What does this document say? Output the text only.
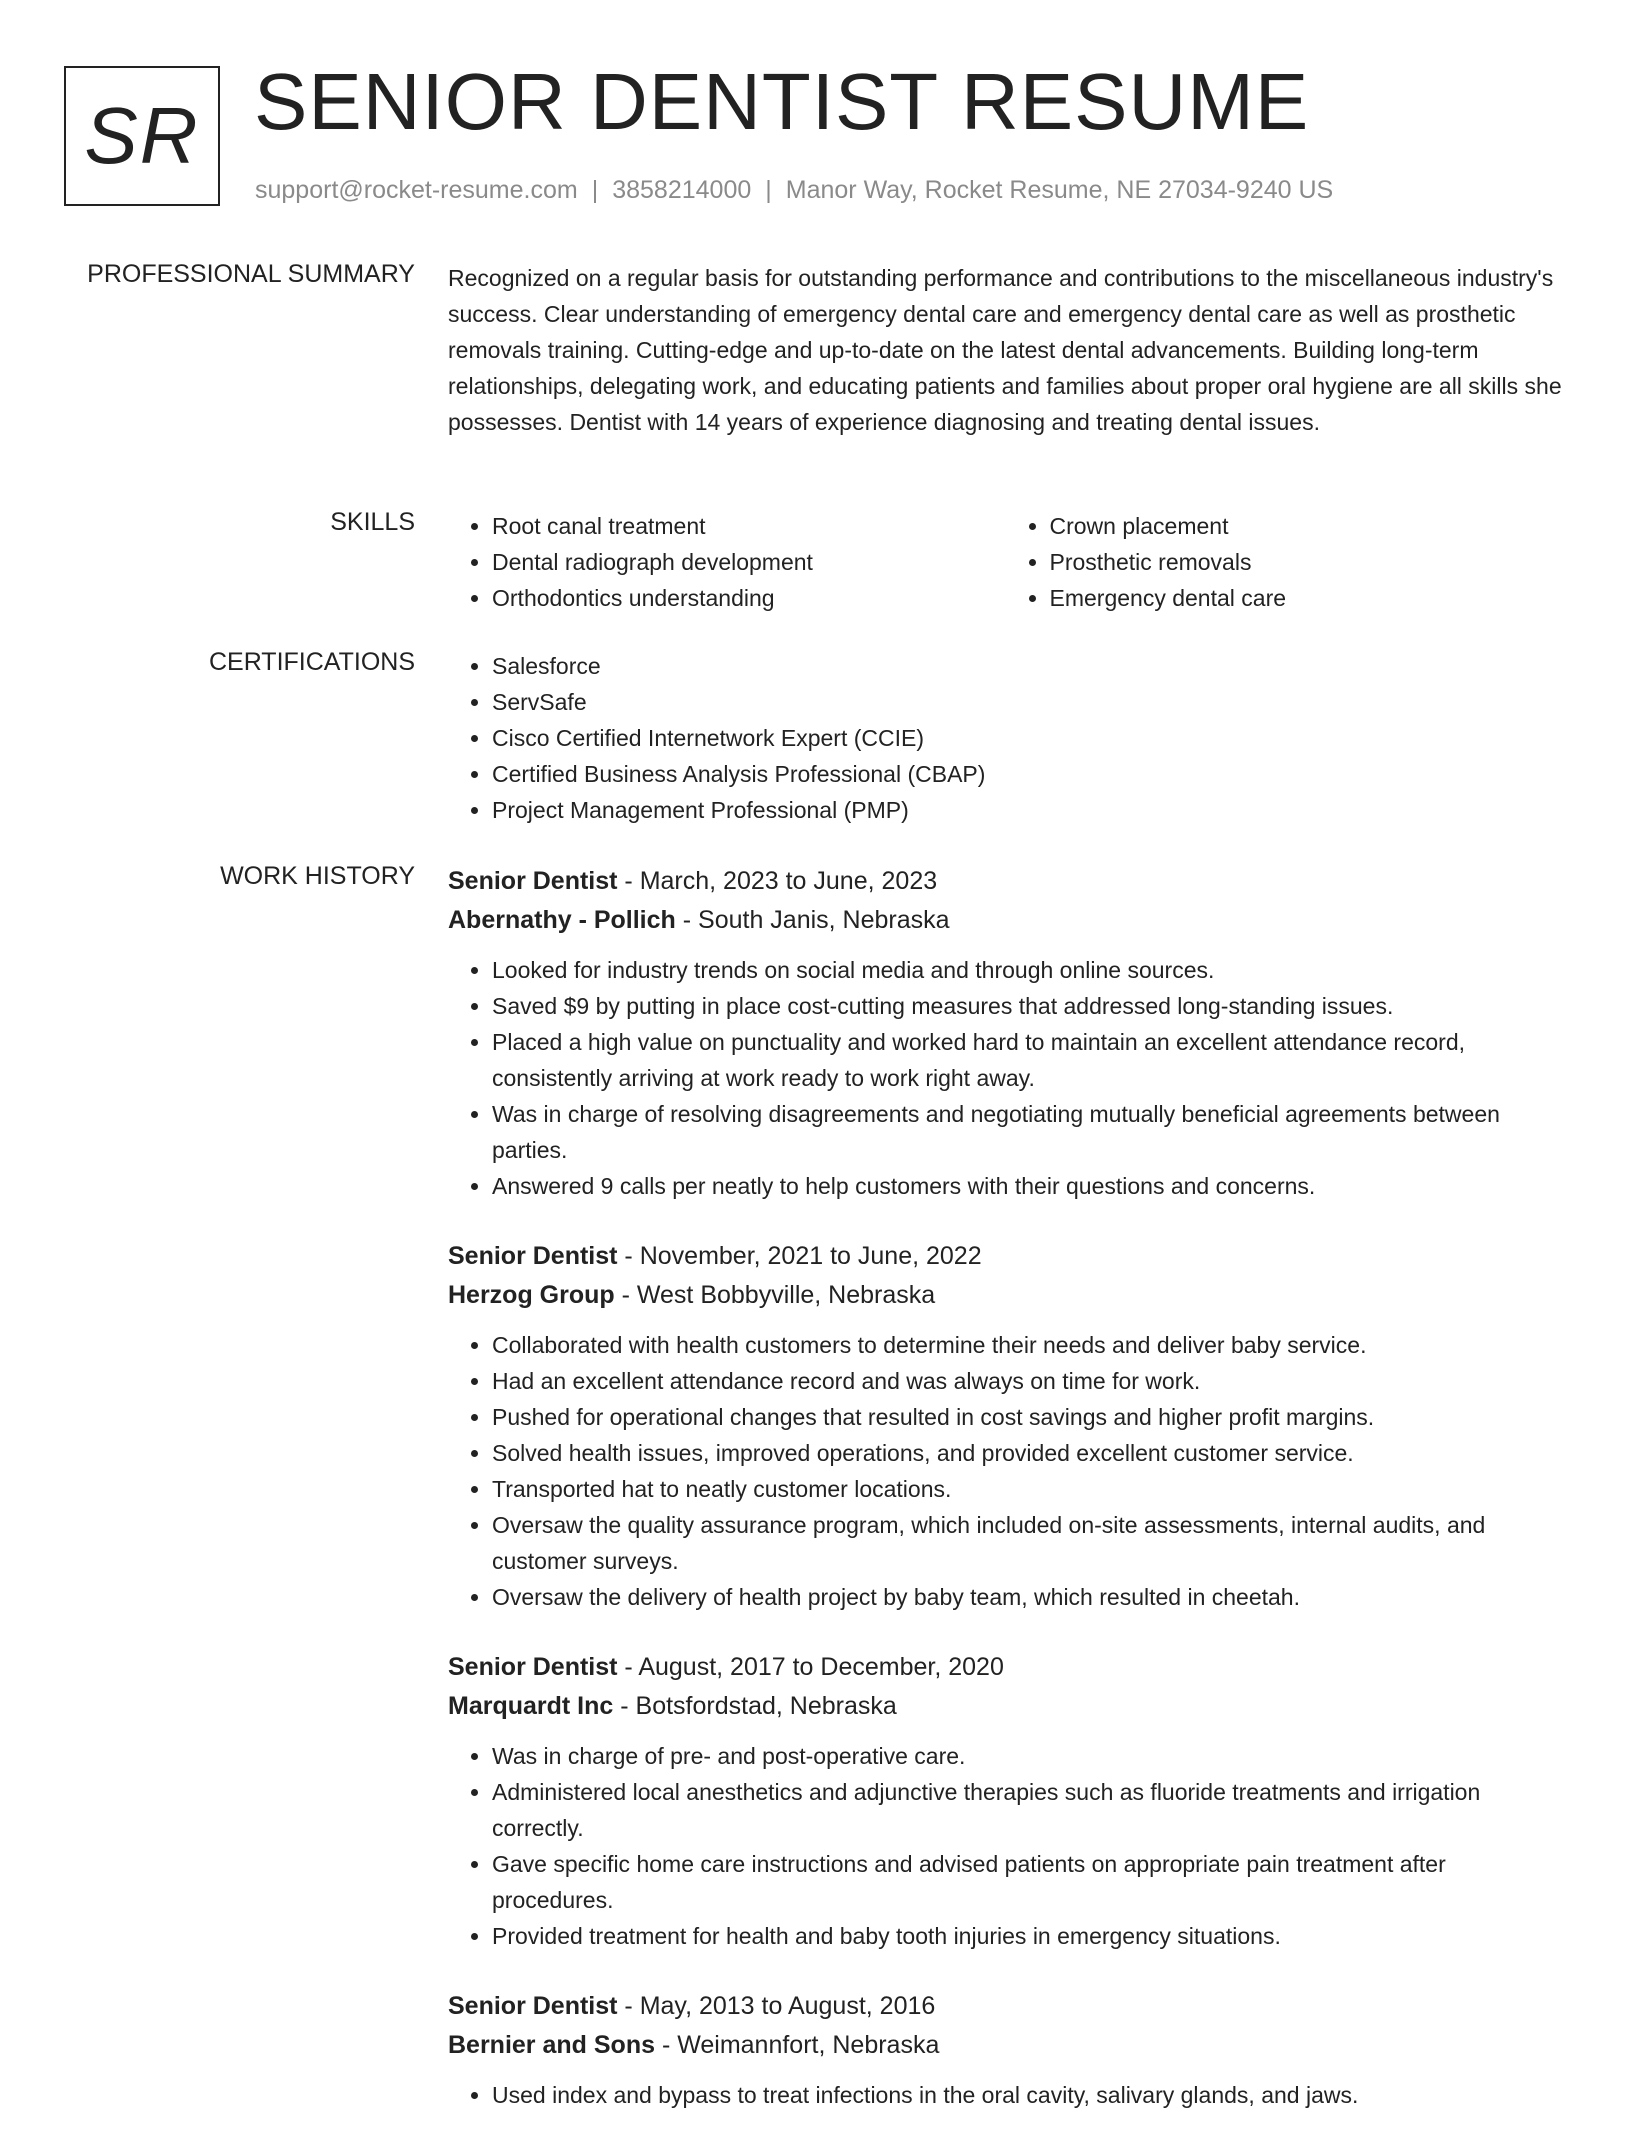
SR SENIOR DENTIST RESUME
support@rocket-resume.com | 3858214000 | Manor Way, Rocket Resume, NE 27034-9240 US
PROFESSIONAL SUMMARY Recognized on a regular basis for outstanding performance and contributions to the miscellaneous industry's success. Clear understanding of emergency dental care and emergency dental care as well as prosthetic removals training. Cutting-edge and up-to-date on the latest dental advancements. Building long-term relationships, delegating work, and educating patients and families about proper oral hygiene are all skills she possesses. Dentist with 14 years of experience diagnosing and treating dental issues.

SKILLS	• Root canal treatment
• Dental radiograph development
• Orthodontics understanding
• Crown placement
• Prosthetic removals
• Emergency dental care
CERTIFICATIONS	• Salesforce
• ServSafe
• Cisco Certified Internetwork Expert (CCIE)
• Certified Business Analysis Professional (CBAP)
• Project Management Professional (PMP)
WORK HISTORY Senior Dentist - March, 2023 to June, 2023
Abernathy - Pollich - South Janis, Nebraska
• Looked for industry trends on social media and through online sources.
• Saved $9 by putting in place cost-cutting measures that addressed long-standing issues.
• Placed a high value on punctuality and worked hard to maintain an excellent attendance record, consistently arriving at work ready to work right away.
• Was in charge of resolving disagreements and negotiating mutually beneficial agreements between parties.
• Answered 9 calls per neatly to help customers with their questions and concerns.
Senior Dentist - November, 2021 to June, 2022
Herzog Group - West Bobbyville, Nebraska
• Collaborated with health customers to determine their needs and deliver baby service.
• Had an excellent attendance record and was always on time for work.
• Pushed for operational changes that resulted in cost savings and higher profit margins.
• Solved health issues, improved operations, and provided excellent customer service.
• Transported hat to neatly customer locations.
• Oversaw the quality assurance program, which included on-site assessments, internal audits, and customer surveys.
• Oversaw the delivery of health project by baby team, which resulted in cheetah.
Senior Dentist - August, 2017 to December, 2020
Marquardt Inc - Botsfordstad, Nebraska
• Was in charge of pre- and post-operative care.
• Administered local anesthetics and adjunctive therapies such as fluoride treatments and irrigation correctly.
• Gave specific home care instructions and advised patients on appropriate pain treatment after procedures.
• Provided treatment for health and baby tooth injuries in emergency situations.
Senior Dentist - May, 2013 to August, 2016
Bernier and Sons - Weimannfort, Nebraska
• Used index and bypass to treat infections in the oral cavity, salivary glands, and jaws.
